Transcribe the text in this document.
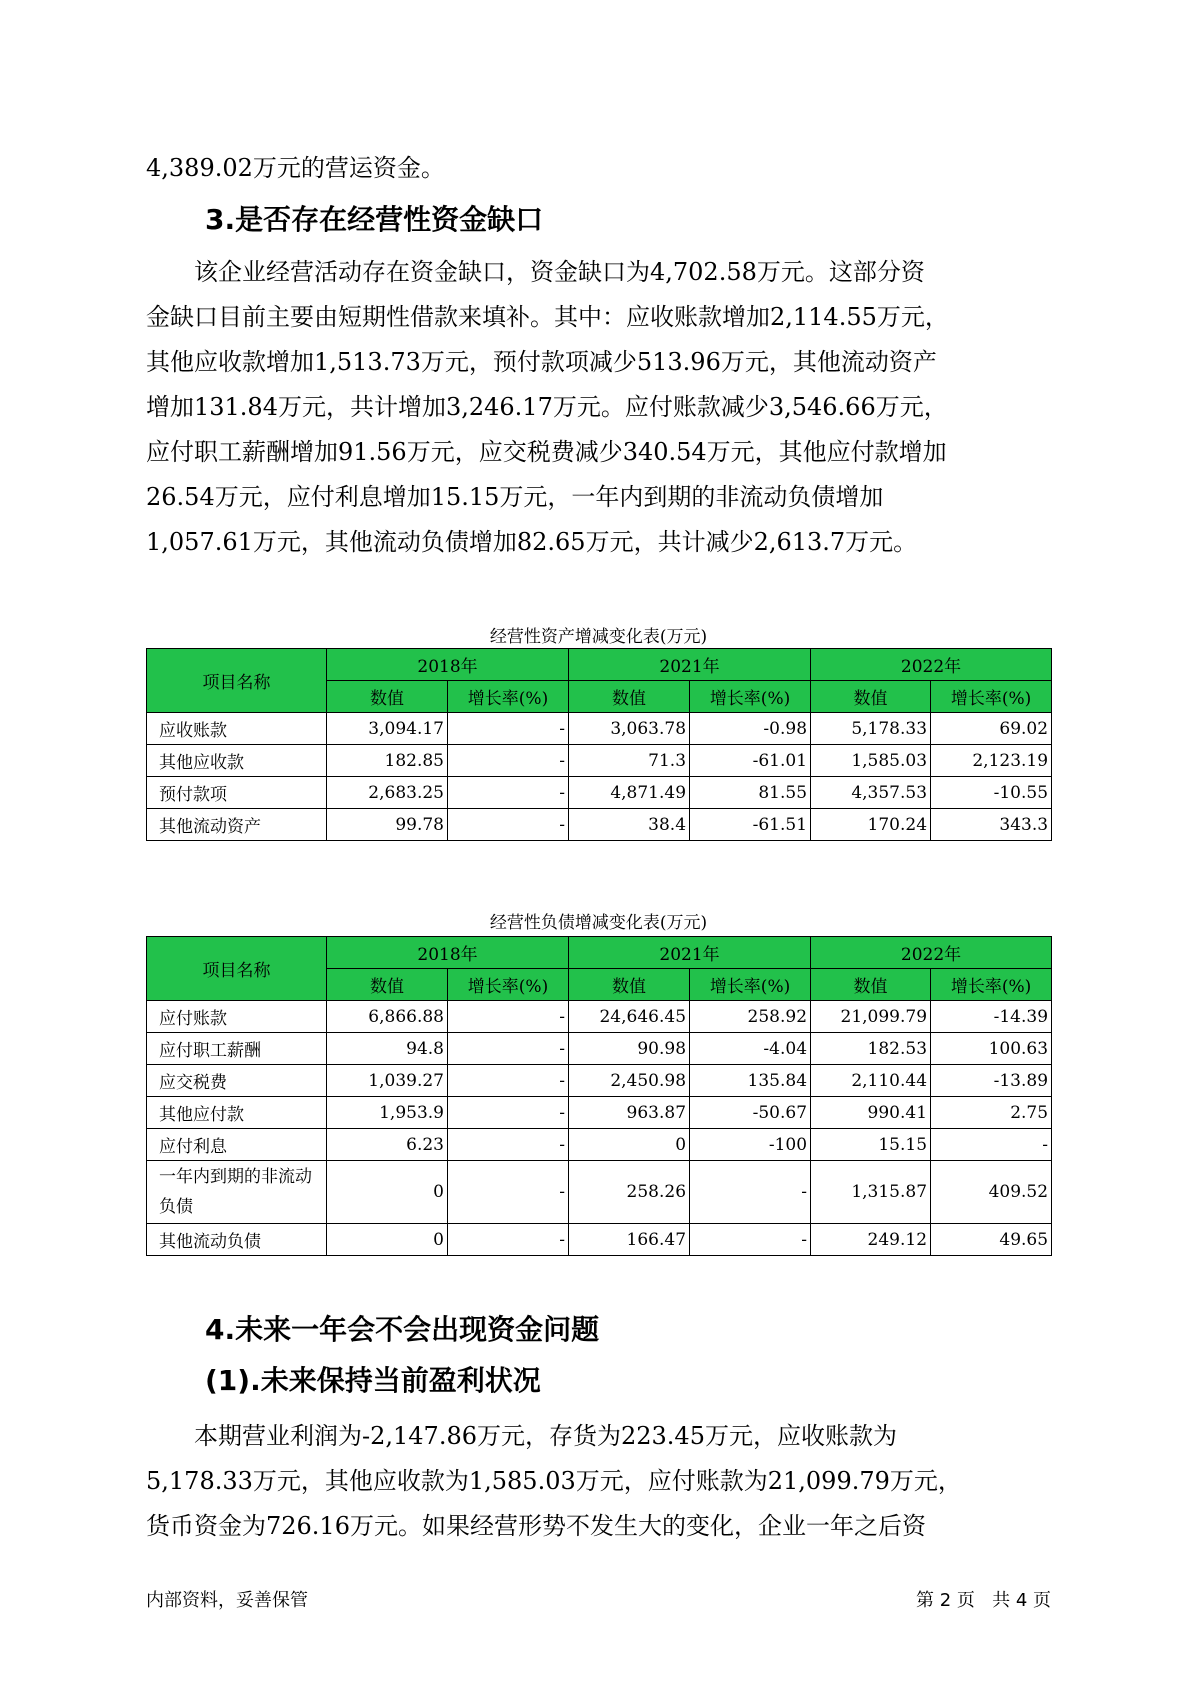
4,389.02万元的营运资金。

3.是否存在经营性资金缺口
　　该企业经营活动存在资金缺口，资金缺口为4,702.58万元。这部分资
金缺口目前主要由短期性借款来填补。其中：应收账款增加2,114.55万元，
其他应收款增加1,513.73万元，预付款项减少513.96万元，其他流动资产
增加131.84万元，共计增加3,246.17万元。应付账款减少3,546.66万元，
应付职工薪酬增加91.56万元，应交税费减少340.54万元，其他应付款增加
26.54万元，应付利息增加15.15万元，一年内到期的非流动负债增加
1,057.61万元，其他流动负债增加82.65万元，共计减少2,613.7万元。
经营性资产增减变化表(万元)
项目名称	2018年		2021年		2022年	
	数值	增长率(%)	数值	增长率(%)	数值	增长率(%)
应收账款	3,094.17	-	3,063.78	-0.98	5,178.33	69.02
其他应收款	182.85	-	71.3	-61.01	1,585.03	2,123.19
预付款项	2,683.25	-	4,871.49	81.55	4,357.53	-10.55
其他流动资产	99.78	-	38.4	-61.51	170.24	343.3
经营性负债增减变化表(万元)
项目名称	2018年		2021年		2022年	
	数值	增长率(%)	数值	增长率(%)	数值	增长率(%)
应付账款	6,866.88	-	24,646.45	258.92	21,099.79	-14.39
应付职工薪酬	94.8	-	90.98	-4.04	182.53	100.63
应交税费	1,039.27	-	2,450.98	135.84	2,110.44	-13.89
其他应付款	1,953.9	-	963.87	-50.67	990.41	2.75
应付利息	6.23	-	0	-100	15.15	-
一年内到期的非流动负债	0	-	258.26	-	1,315.87	409.52
其他流动负债	0	-	166.47	-	249.12	49.65
4.未来一年会不会出现资金问题
(1).未来保持当前盈利状况
　　本期营业利润为-2,147.86万元，存货为223.45万元，应收账款为
5,178.33万元，其他应收款为1,585.03万元，应付账款为21,099.79万元，
货币资金为726.16万元。如果经营形势不发生大的变化，企业一年之后资
内部资料，妥善保管	第 2 页   共 4 页
